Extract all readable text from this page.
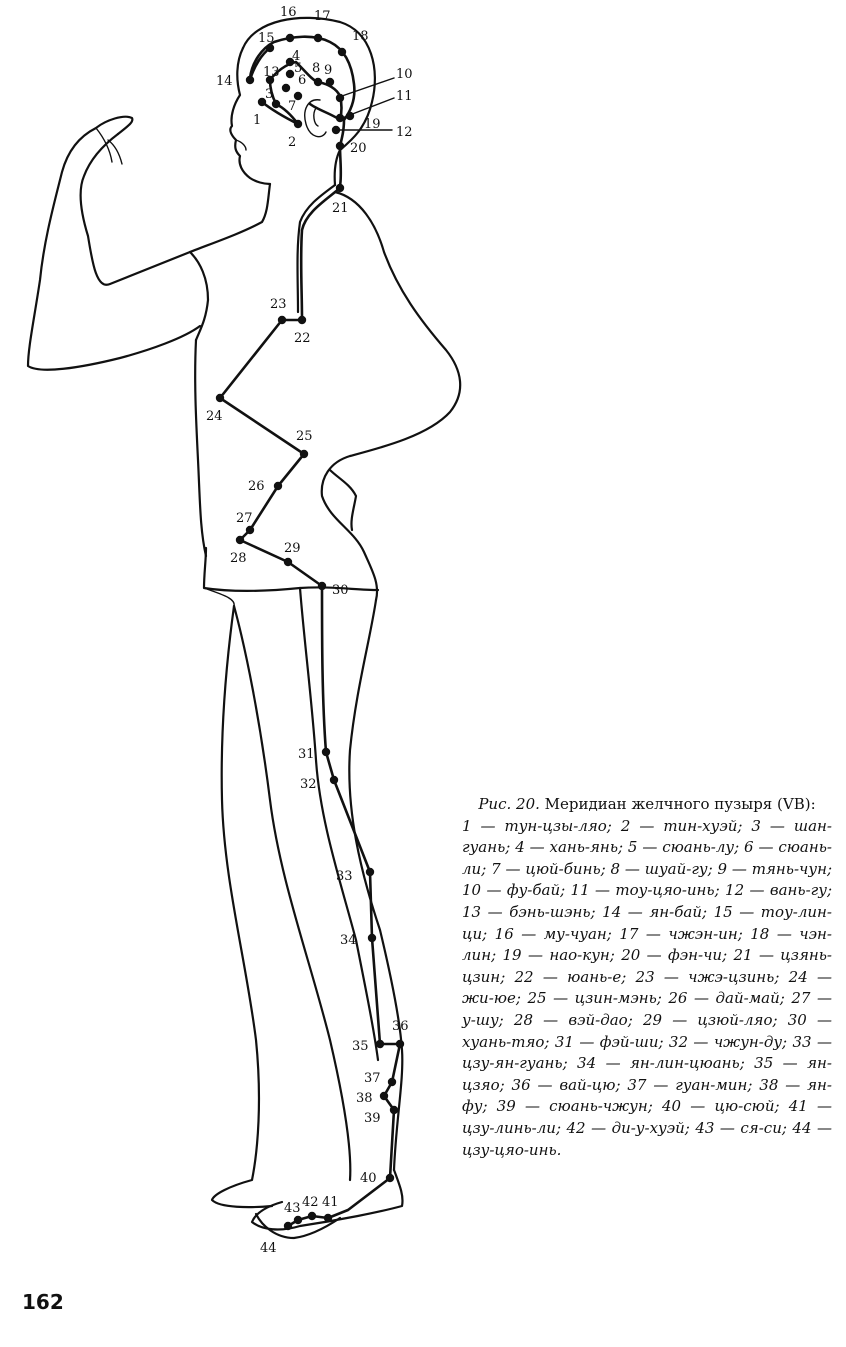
1
2
3
4
5
6
13
7
8 9	10
11
12
14
15
16 17
18
19
20
21
22
23
24
25
26
27
28
29
30
31
32
33
34
35
36
37
38
39
40
41
42
43
44
Рис. 20. Меридиан желчного пузыря (VB):
1 — тун-цзы-ляо; 2 — тин-хуэй; 3 — шан-гуань; 4 — хань-янь; 5 — сюань-лу; 6 — сюань-ли; 7 — цюй-бинь; 8 — шуай-гу; 9 — тянь-чун; 10 — фу-бай; 11 — тоу-цяо-инь; 12 — вань-гу; 13 — бэнь-шэнь; 14 — ян-бай; 15 — тоу-лин-ци; 16 — му-чуан; 17 — чжэн-ин; 18 — чэн-лин; 19 — нао-кун; 20 — фэн-чи; 21 — цзянь-цзин; 22 — юань-е; 23 — чжэ-цзинь; 24 — жи-юе; 25 — цзин-мэнь; 26 — дай-май; 27 — у-шу; 28 — вэй-дао; 29 — цзюй-ляо; 30 — хуань-тяо; 31 — фэй-ши; 32 — чжун-ду; 33 — цзу-ян-гуань; 34 — ян-лин-цюань; 35 — ян-цзяо; 36 — вай-цю; 37 — гуан-мин; 38 — ян-фу; 39 — сюань-чжун; 40 — цю-сюй; 41 — цзу-линь-ли; 42 — ди-у-хуэй; 43 — ся-си; 44 — цзу-цяо-инь.
162
